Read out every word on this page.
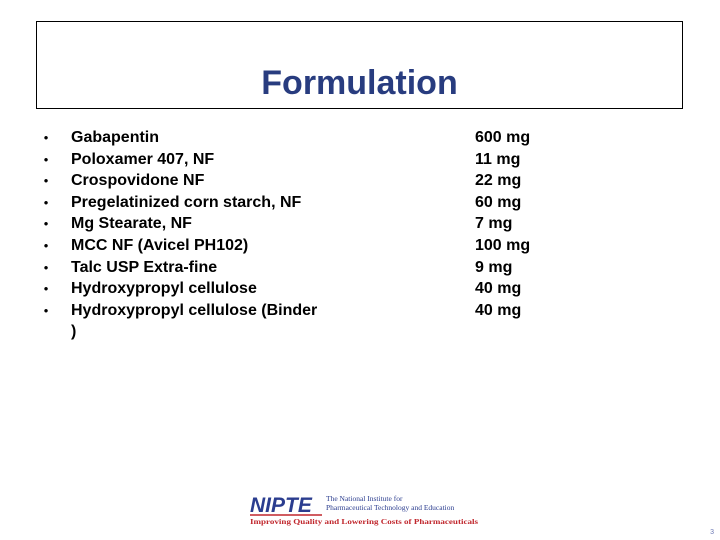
Formulation
• Gabapentin
• Poloxamer 407, NF
• Crospovidone NF
• Pregelatinized corn starch, NF
• Mg Stearate, NF
• MCC NF (Avicel PH102)
• Talc USP Extra-fine
• Hydroxypropyl cellulose
• Hydroxypropyl cellulose (Binder )
600 mg
11 mg
22 mg
60 mg
7 mg
100 mg
9 mg
40 mg
40 mg
NIPTE The National Institute for
Pharmaceutical Technology and Education
Improving Quality and Lowering Costs of Pharmaceuticals
3
